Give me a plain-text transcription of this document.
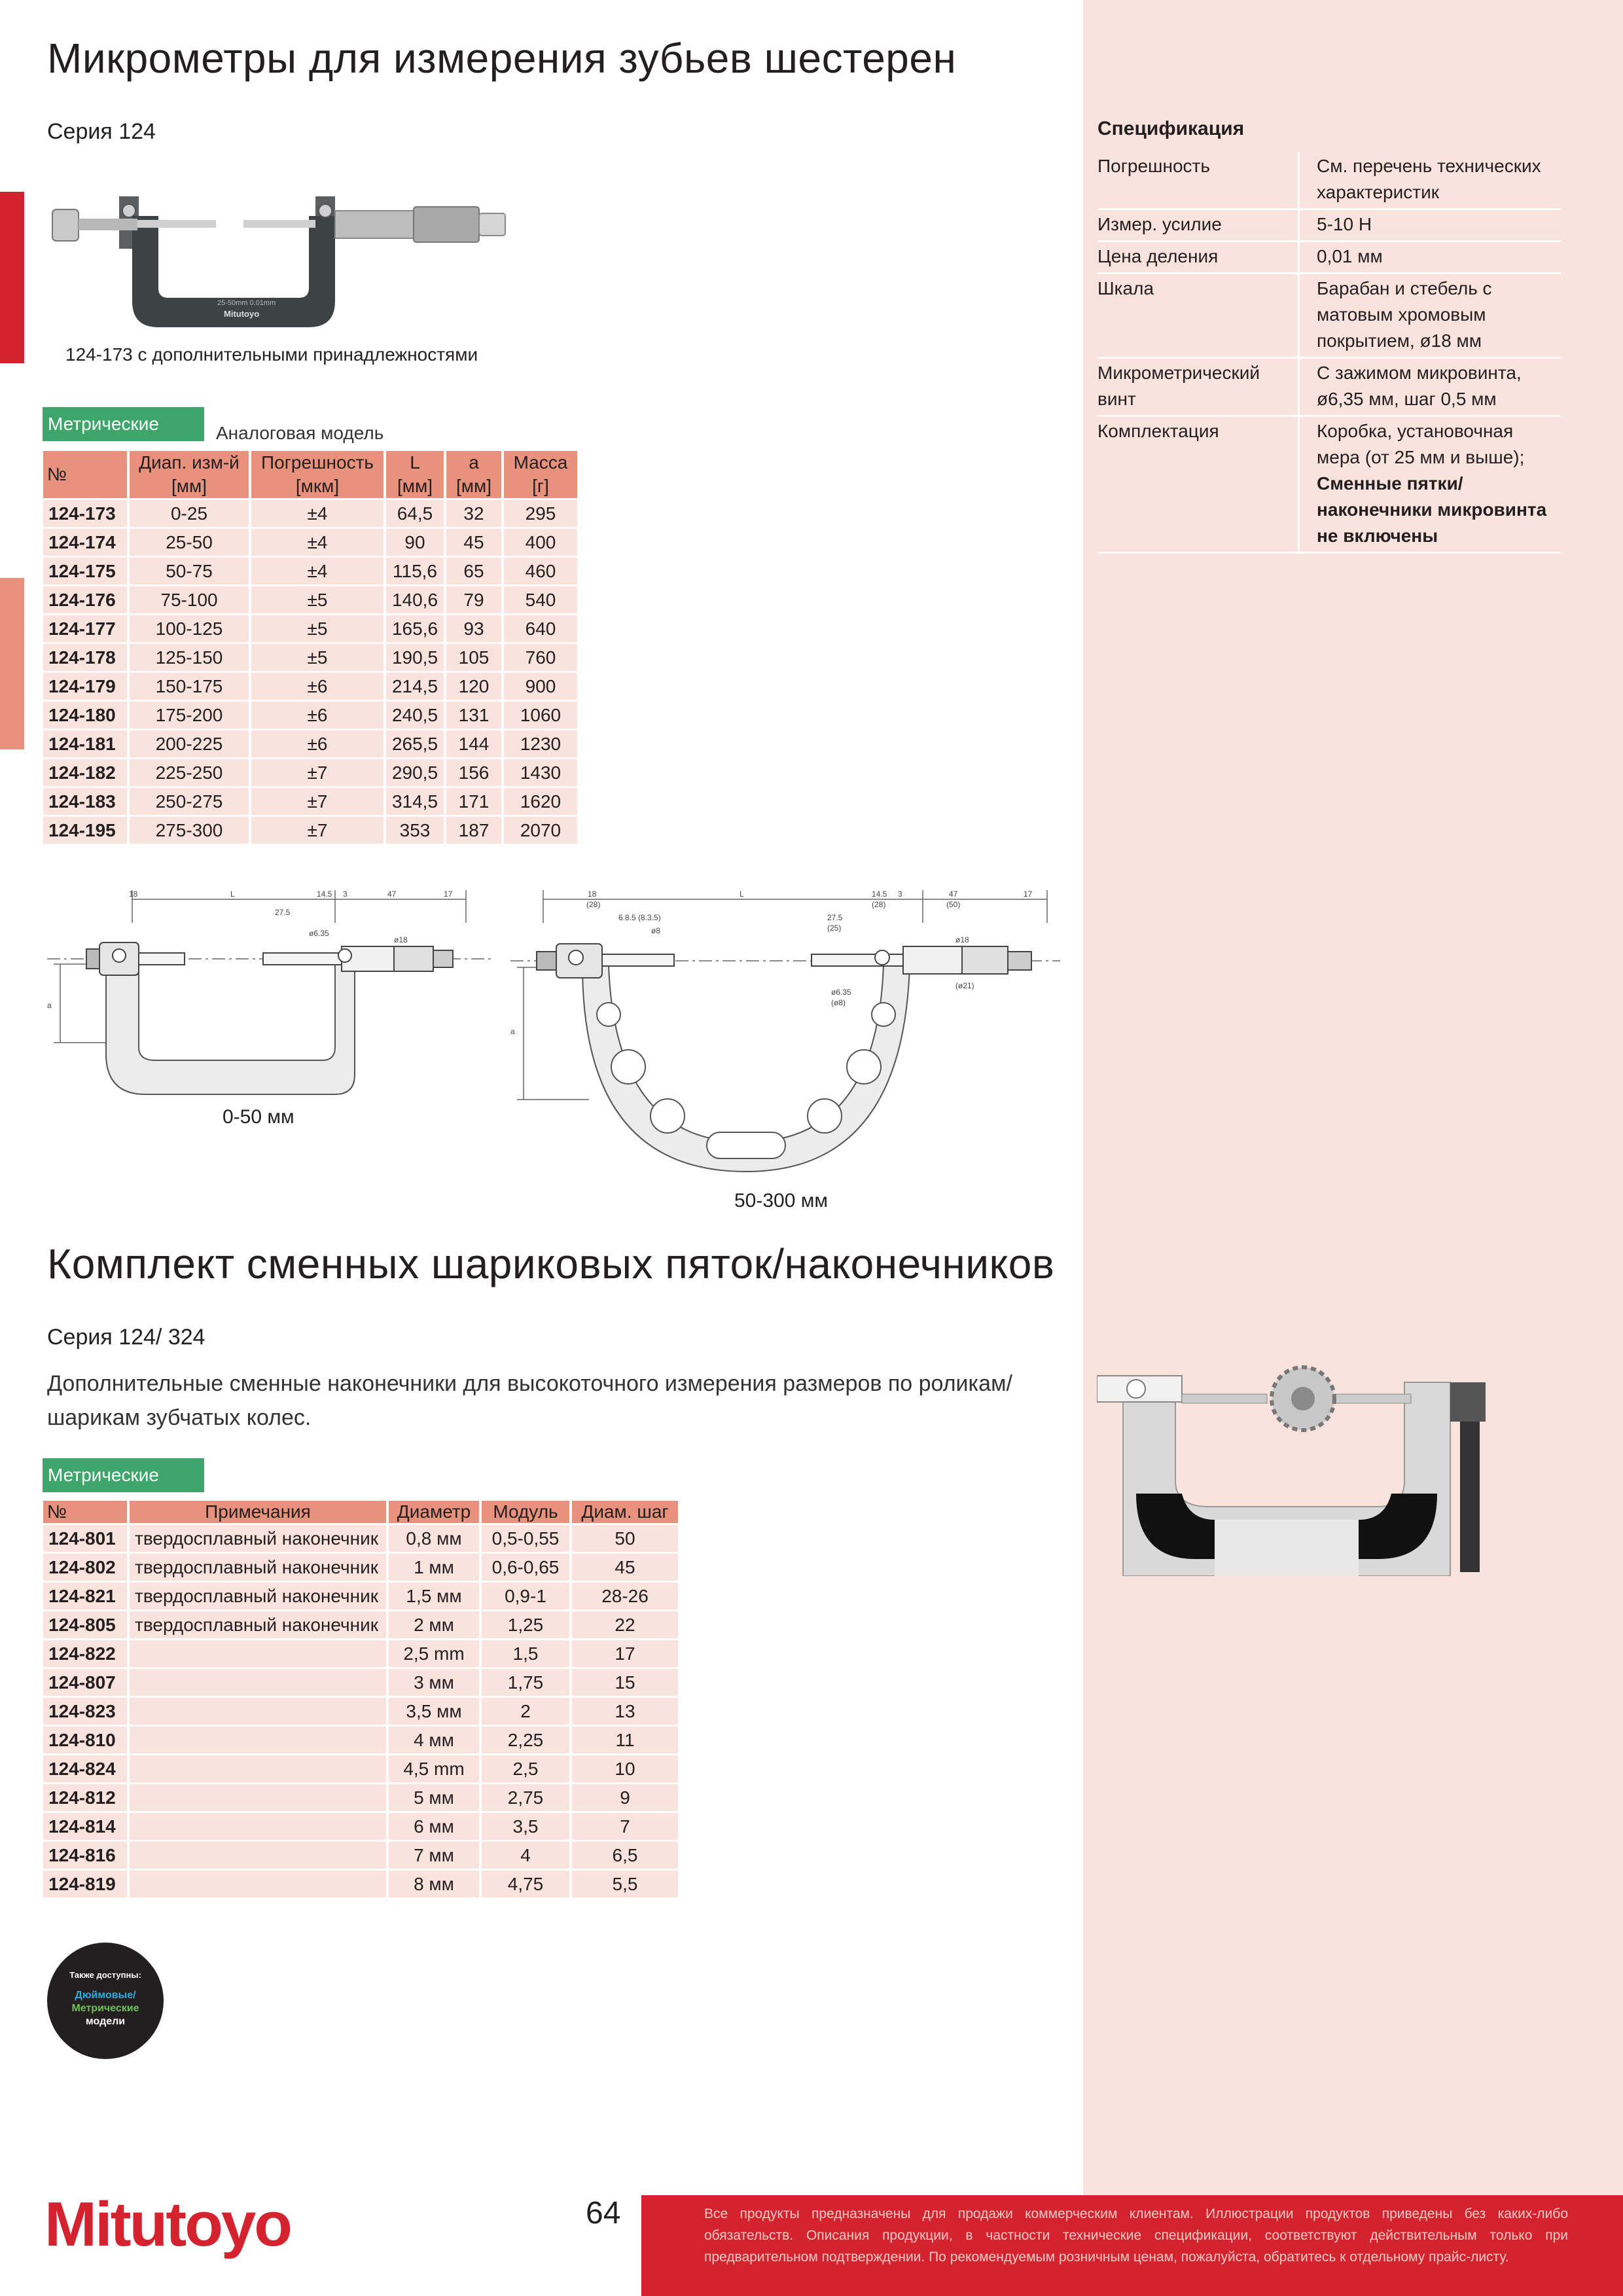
Микрометры для измерения зубьев шестерен
Серия 124
25-50mm 0.01mm
Mitutoyo
124-173 с дополнительными принадлежностями
Метрические	Аналоговая модель
№	Диап. изм-й [мм]	Погрешность [мкм]	L [мм]	a [мм]	Масса [г]
124-173	0-25	±4	64,5	32	295
124-174	25-50	±4	90	45	400
124-175	50-75	±4	115,6	65	460
124-176	75-100	±5	140,6	79	540
124-177	100-125	±5	165,6	93	640
124-178	125-150	±5	190,5	105	760
124-179	150-175	±6	214,5	120	900
124-180	175-200	±6	240,5	131	1060
124-181	200-225	±6	265,5	144	1230
124-182	225-250	±7	290,5	156	1430
124-183	250-275	±7	314,5	171	1620
124-195	275-300	±7	353	187	2070
18	L	14.5 3	47	17
27.5
ø6.35
ø18
a
0-50 мм
18
(28)
L	14.5
(28)
3	47
(50)
17
27.5
(25)
6.8.5 (8.3.5)
ø6.35
(ø8)
ø18
(ø21)
ø8
a
50-300 мм
Спецификация
Погрешность	См. перечень технических характеристик
Измер. усилие	5-10 Н
Цена деления	0,01 мм
Шкала	Барабан и стебель с матовым хромовым покрытием, ø18 мм
Микрометрический винт	С зажимом микровинта, ø6,35 мм, шаг 0,5 мм
Комплектация	Коробка, установочная мера (от 25 мм и выше);
Сменные пятки/ наконечники микровинта не включены
Комплект сменных шариковых пяток/наконечников
Серия 124/ 324
Дополнительные сменные наконечники для высокоточного измерения размеров по роликам/ шарикам зубчатых колес.
Метрические
№	Примечания	Диаметр	Модуль	Диам. шаг
124-801	твердосплавный наконечник	0,8 мм	0,5-0,55	50
124-802	твердосплавный наконечник	1 мм	0,6-0,65	45
124-821	твердосплавный наконечник	1,5 мм	0,9-1	28-26
124-805	твердосплавный наконечник	2 мм	1,25	22
124-822		2,5 mm	1,5	17
124-807		3 мм	1,75	15
124-823		3,5 мм	2	13
124-810		4 мм	2,25	11
124-824		4,5 mm	2,5	10
124-812		5 мм	2,75	9
124-814		6 мм	3,5	7
124-816		7 мм	4	6,5
124-819		8 мм	4,75	5,5
Также доступны:
Дюймовые/
Метрические
модели
Mitutoyo	64	Все продукты предназначены для продажи коммерческим клиентам. Иллюстрации продуктов приведены без каких-либо обязательств. Описания продукции, в частности технические спецификации, соответствуют действительным только при предварительном подтверждении. По рекомендуемым розничным ценам, пожалуйста, обратитесь к отдельному прайс-листу.
